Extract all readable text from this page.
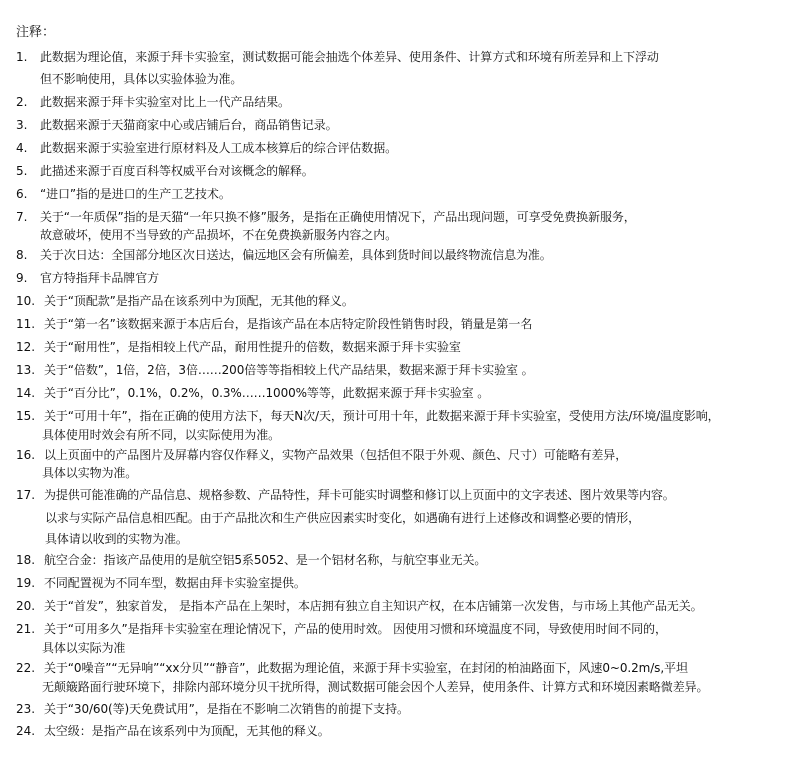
注释：
1. 此数据为理论值，来源于拜卡实验室，测试数据可能会抽选个体差异、使用条件、计算方式和环境有所差异和上下浮动
但不影响使用，具体以实验体验为准。
2. 此数据来源于拜卡实验室对比上一代产品结果。
3. 此数据来源于天猫商家中心或店铺后台，商品销售记录。
4. 此数据来源于实验室进行原材料及人工成本核算后的综合评估数据。
5. 此描述来源于百度百科等权威平台对该概念的解释。
6. “进口”指的是进口的生产工艺技术。
7. 关于“一年质保”指的是天猫“一年只换不修”服务，是指在正确使用情况下，产品出现问题，可享受免费换新服务，
故意破坏，使用不当导致的产品损坏，不在免费换新服务内容之内。
8. 关于次日达：全国部分地区次日送达，偏远地区会有所偏差，具体到货时间以最终物流信息为准。
9. 官方特指拜卡品牌官方
10. 关于“顶配款”是指产品在该系列中为顶配，无其他的释义。
11. 关于“第一名”该数据来源于本店后台，是指该产品在本店特定阶段性销售时段，销量是第一名
12. 关于“耐用性”，是指相较上代产品，耐用性提升的倍数，数据来源于拜卡实验室
13. 关于“倍数”，1倍，2倍，3倍……200倍等等指相较上代产品结果，数据来源于拜卡实验室 。
14. 关于“百分比”，0.1%，0.2%，0.3%……1000%等等，此数据来源于拜卡实验室 。
15. 关于“可用十年”，指在正确的使用方法下，每天N次/天，预计可用十年，此数据来源于拜卡实验室，受使用方法/环境/温度影响，
具体使用时效会有所不同，以实际使用为准。
16. 以上页面中的产品图片及屏幕内容仅作释义，实物产品效果（包括但不限于外观、颜色、尺寸）可能略有差异，
具体以实物为准。
17. 为提供可能准确的产品信息、规格参数、产品特性，拜卡可能实时调整和修订以上页面中的文字表述、图片效果等内容。
以求与实际产品信息相匹配。由于产品批次和生产供应因素实时变化，如遇确有进行上述修改和调整必要的情形，
具体请以收到的实物为准。
18. 航空合金：指该产品使用的是航空铝5系5052、是一个铝材名称，与航空事业无关。
19. 不同配置视为不同车型，数据由拜卡实验室提供。
20. 关于“首发”，独家首发， 是指本产品在上架时，本店拥有独立自主知识产权，在本店铺第一次发售，与市场上其他产品无关。
21. 关于“可用多久”是指拜卡实验室在理论情况下，产品的使用时效。 因使用习惯和环境温度不同，导致使用时间不同的，
具体以实际为准
22. 关于“0噪音”“无异响”“xx分贝”“静音”，此数据为理论值，来源于拜卡实验室，在封闭的柏油路面下，风速0~0.2m/s,平坦
无颠簸路面行驶环境下，排除内部环境分贝干扰所得，测试数据可能会因个人差异，使用条件、计算方式和环境因素略微差异。
23. 关于“30/60(等)天免费试用”，是指在不影响二次销售的前提下支持。
24. 太空级：是指产品在该系列中为顶配，无其他的释义。
